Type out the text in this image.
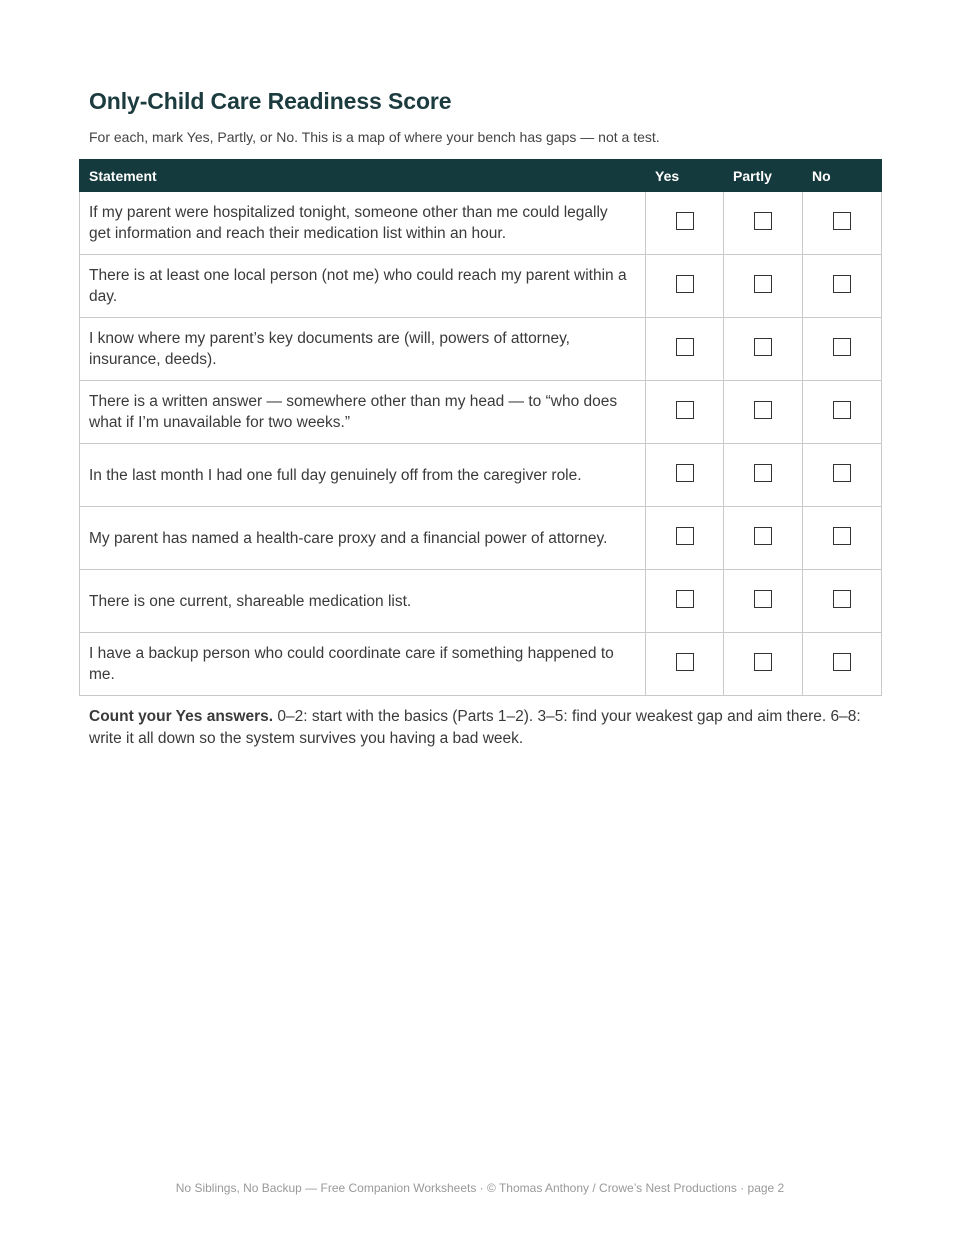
Only-Child Care Readiness Score

For each, mark Yes, Partly, or No. This is a map of where your bench has gaps — not a test.

Statement	Yes	Partly	No
If my parent were hospitalized tonight, someone other than me could legally get information and reach their medication list within an hour.			
There is at least one local person (not me) who could reach my parent within a day.			
I know where my parent’s key documents are (will, powers of attorney, insurance, deeds).			
There is a written answer — somewhere other than my head — to “who does what if I’m unavailable for two weeks.”			
In the last month I had one full day genuinely off from the caregiver role.			
My parent has named a health-care proxy and a financial power of attorney.			
There is one current, shareable medication list.			
I have a backup person who could coordinate care if something happened to me.			

Count your Yes answers. 0–2: start with the basics (Parts 1–2). 3–5: find your weakest gap and aim there. 6–8: write it all down so the system survives you having a bad week.

No Siblings, No Backup — Free Companion Worksheets · © Thomas Anthony / Crowe’s Nest Productions · page 2
